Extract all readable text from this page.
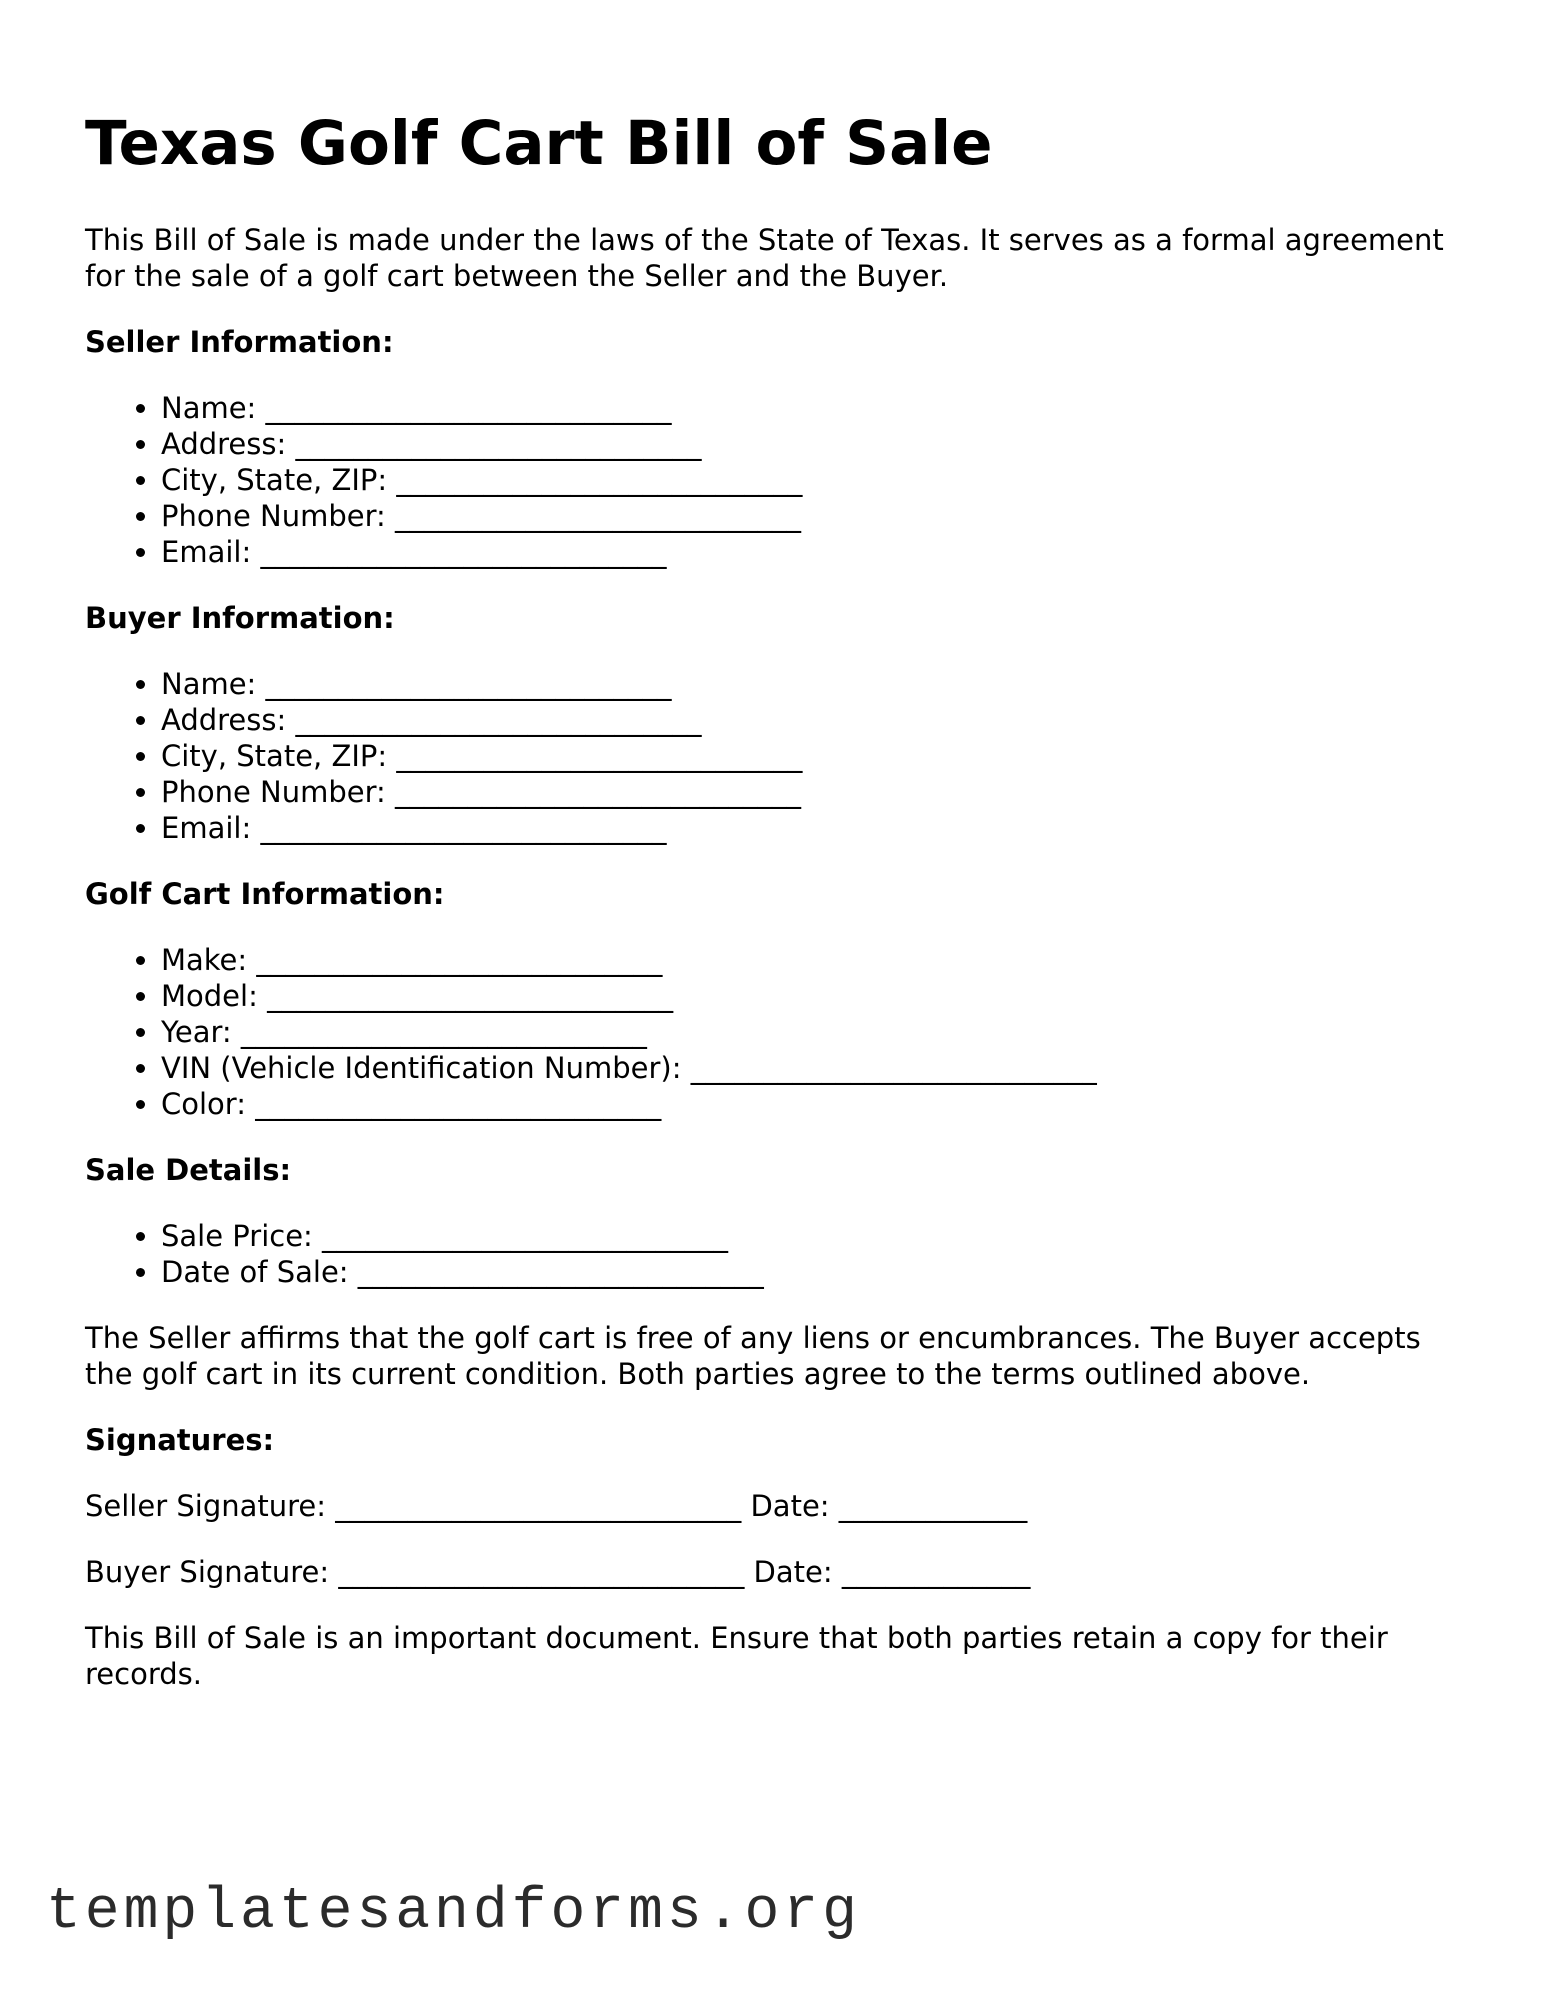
Texas Golf Cart Bill of Sale

This Bill of Sale is made under the laws of the State of Texas. It serves as a formal agreement for the sale of a golf cart between the Seller and the Buyer.

Seller Information:
• Name: ____________________________
• Address: ____________________________
• City, State, ZIP: ____________________________
• Phone Number: ____________________________
• Email: ____________________________
Buyer Information:
• Name: ____________________________
• Address: ____________________________
• City, State, ZIP: ____________________________
• Phone Number: ____________________________
• Email: ____________________________
Golf Cart Information:
• Make: ____________________________
• Model: ____________________________
• Year: ____________________________
• VIN (Vehicle Identification Number): ____________________________
• Color: ____________________________
Sale Details:
• Sale Price: ____________________________
• Date of Sale: ____________________________

The Seller affirms that the golf cart is free of any liens or encumbrances. The Buyer accepts the golf cart in its current condition. Both parties agree to the terms outlined above.

Signatures:
Seller Signature: ____________________________ Date: _____________
Buyer Signature: ____________________________ Date: _____________

This Bill of Sale is an important document. Ensure that both parties retain a copy for their records.

templatesandforms.org
